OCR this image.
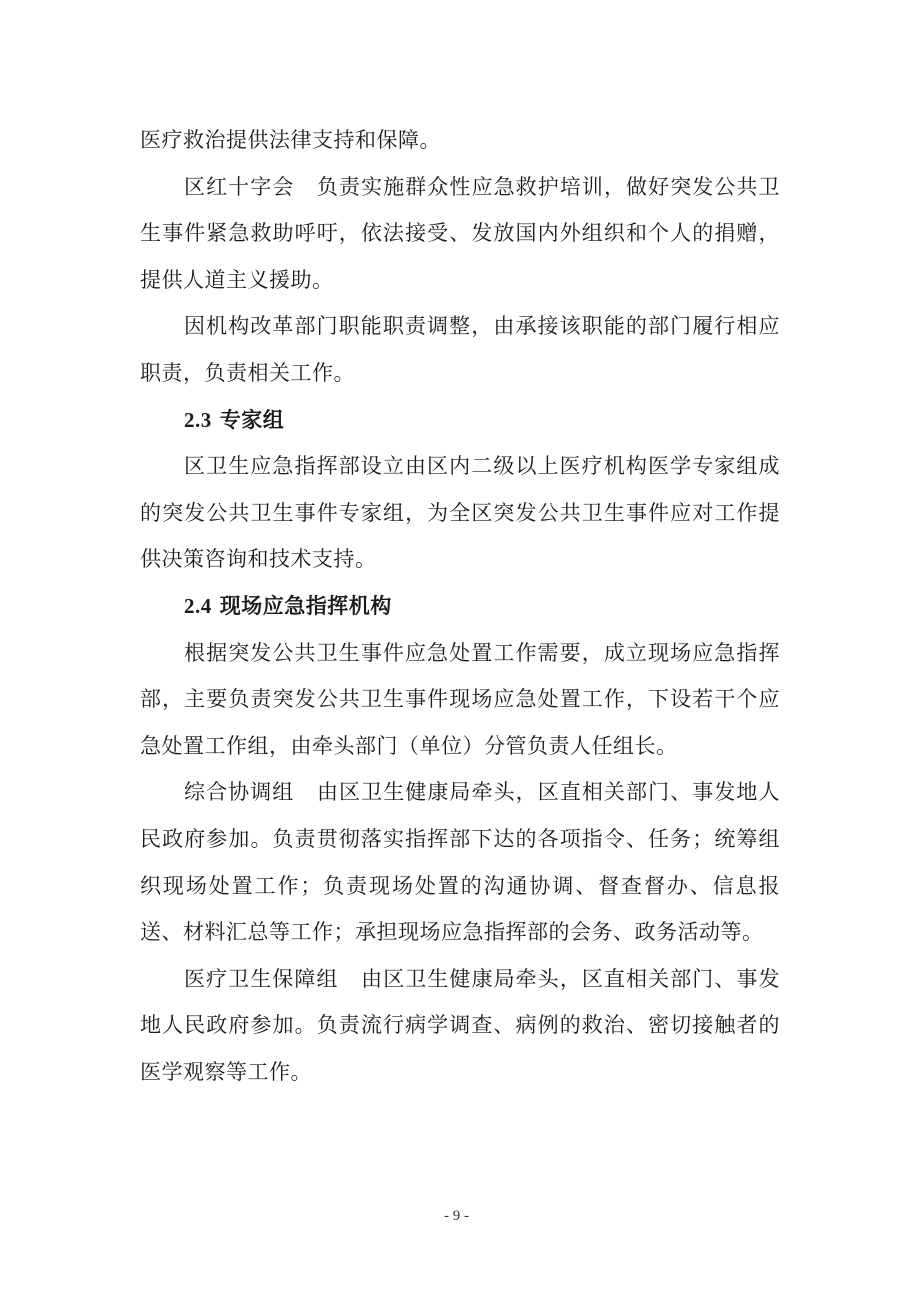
医疗救治提供法律支持和保障。

区红十字会 负责实施群众性应急救护培训，做好突发公共卫生事件紧急救助呼吁，依法接受、发放国内外组织和个人的捐赠，提供人道主义援助。

因机构改革部门职能职责调整，由承接该职能的部门履行相应职责，负责相关工作。

2.3 专家组

区卫生应急指挥部设立由区内二级以上医疗机构医学专家组成的突发公共卫生事件专家组，为全区突发公共卫生事件应对工作提供决策咨询和技术支持。

2.4 现场应急指挥机构

根据突发公共卫生事件应急处置工作需要，成立现场应急指挥部，主要负责突发公共卫生事件现场应急处置工作，下设若干个应急处置工作组，由牵头部门（单位）分管负责人任组长。

综合协调组 由区卫生健康局牵头，区直相关部门、事发地人民政府参加。负责贯彻落实指挥部下达的各项指令、任务；统筹组织现场处置工作；负责现场处置的沟通协调、督查督办、信息报送、材料汇总等工作；承担现场应急指挥部的会务、政务活动等。

医疗卫生保障组 由区卫生健康局牵头，区直相关部门、事发地人民政府参加。负责流行病学调查、病例的救治、密切接触者的医学观察等工作。

- 9 -
